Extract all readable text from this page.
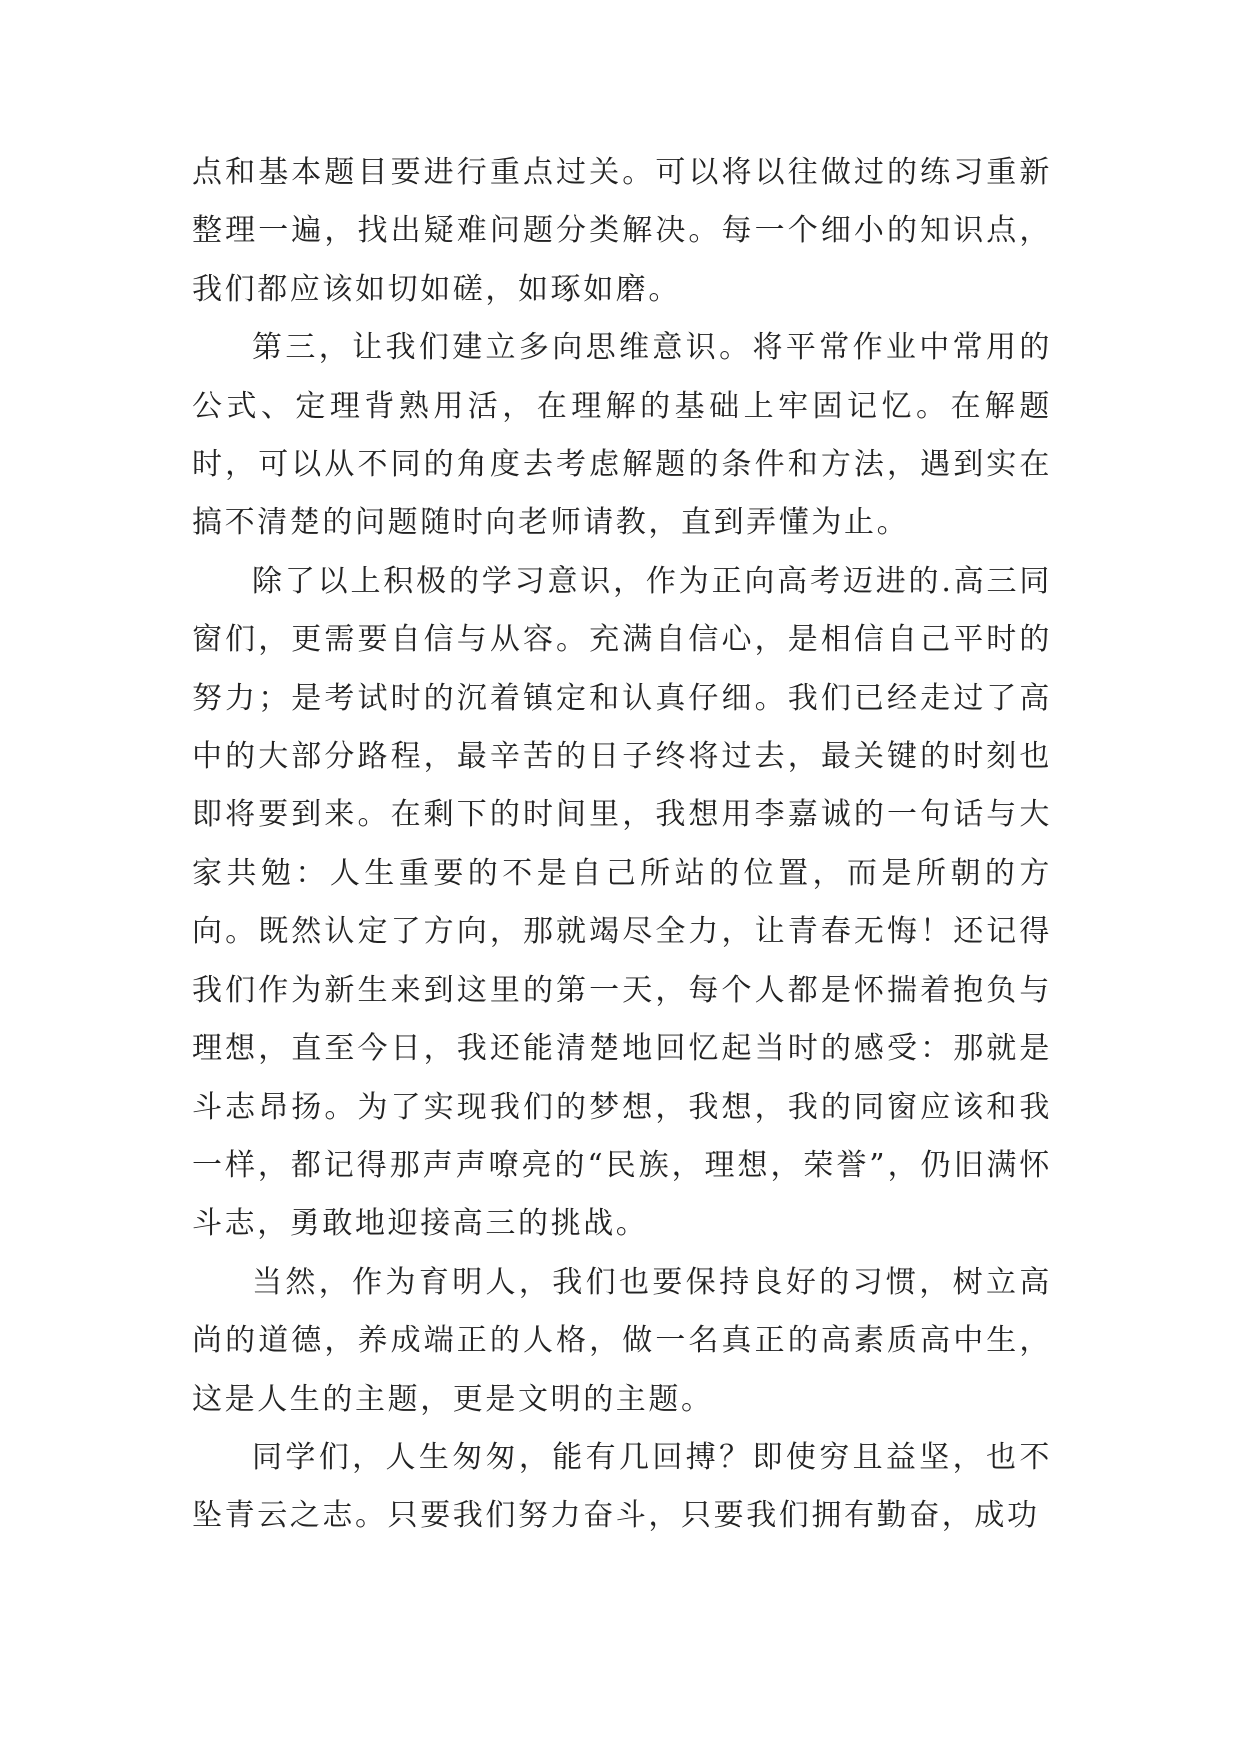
点和基本题目要进行重点过关。可以将以往做过的练习重新整理一遍，找出疑难问题分类解决。每一个细小的知识点，我们都应该如切如磋，如琢如磨。

第三，让我们建立多向思维意识。将平常作业中常用的公式、定理背熟用活，在理解的基础上牢固记忆。在解题时，可以从不同的角度去考虑解题的条件和方法，遇到实在搞不清楚的问题随时向老师请教，直到弄懂为止。

除了以上积极的学习意识，作为正向高考迈进的.高三同窗们，更需要自信与从容。充满自信心，是相信自己平时的努力；是考试时的沉着镇定和认真仔细。我们已经走过了高中的大部分路程，最辛苦的日子终将过去，最关键的时刻也即将要到来。在剩下的时间里，我想用李嘉诚的一句话与大家共勉：人生重要的不是自己所站的位置，而是所朝的方向。既然认定了方向，那就竭尽全力，让青春无悔！还记得我们作为新生来到这里的第一天，每个人都是怀揣着抱负与理想，直至今日，我还能清楚地回忆起当时的感受：那就是斗志昂扬。为了实现我们的梦想，我想，我的同窗应该和我一样，都记得那声声嘹亮的“民族，理想，荣誉”，仍旧满怀斗志，勇敢地迎接高三的挑战。

当然，作为育明人，我们也要保持良好的习惯，树立高尚的道德，养成端正的人格，做一名真正的高素质高中生，这是人生的主题，更是文明的主题。

同学们，人生匆匆，能有几回搏？即使穷且益坚，也不坠青云之志。只要我们努力奋斗，只要我们拥有勤奋，成功
